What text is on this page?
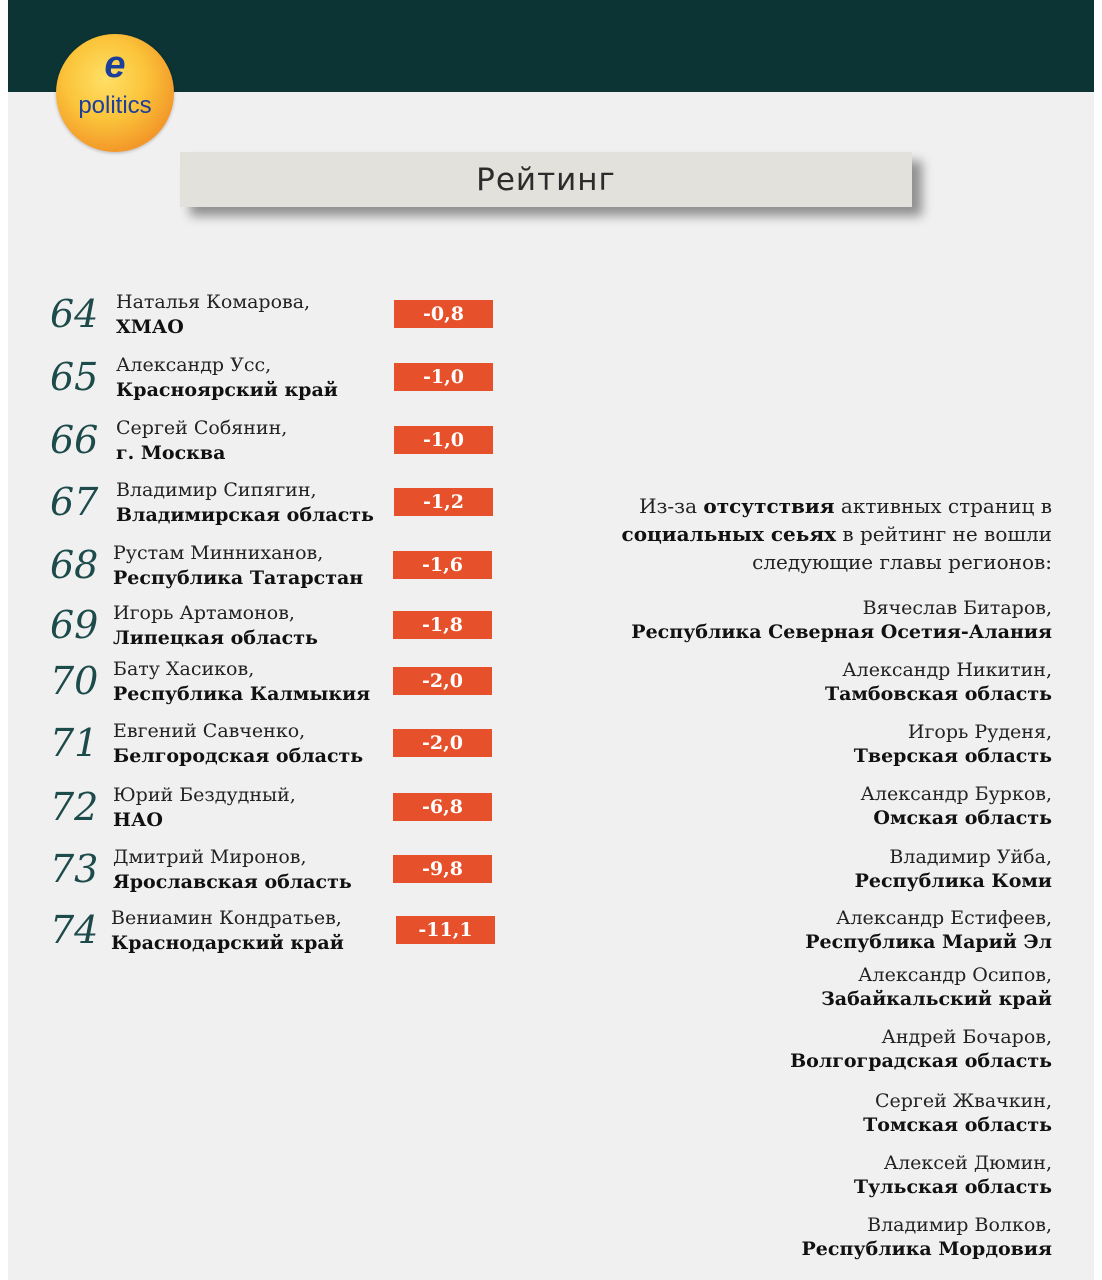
e
politics
Рейтинг
64 Наталья Комарова,
ХМАО
-0,8
65 Александр Усс,
Красноярский край
-1,0
66 Сергей Собянин,
г. Москва
-1,0
67 Владимир Сипягин,
Владимирская область
-1,2
68 Рустам Минниханов,
Республика Татарстан
-1,6
69 Игорь Артамонов,
Липецкая область
-1,8
70 Бату Хасиков,
Республика Калмыкия
-2,0
71 Евгений Савченко,
Белгородская область
-2,0
72 Юрий Бездудный,
НАО
-6,8
73 Дмитрий Миронов,
Ярославская область
-9,8
74 Вениамин Кондратьев,
Краснодарский край
-11,1
Из-за отсутствия активных страниц в социальных сеьях в рейтинг не вошли следующие главы регионов:
Вячеслав Битаров,
Республика Северная Осетия-Алания
Александр Никитин,
Тамбовская область
Игорь Руденя,
Тверская область
Александр Бурков,
Омская область
Владимир Уйба,
Республика Коми
Александр Естифеев,
Республика Марий Эл
Александр Осипов,
Забайкальский край
Андрей Бочаров,
Волгоградская область
Сергей Жвачкин,
Томская область
Алексей Дюмин,
Тульская область
Владимир Волков,
Республика Мордовия
